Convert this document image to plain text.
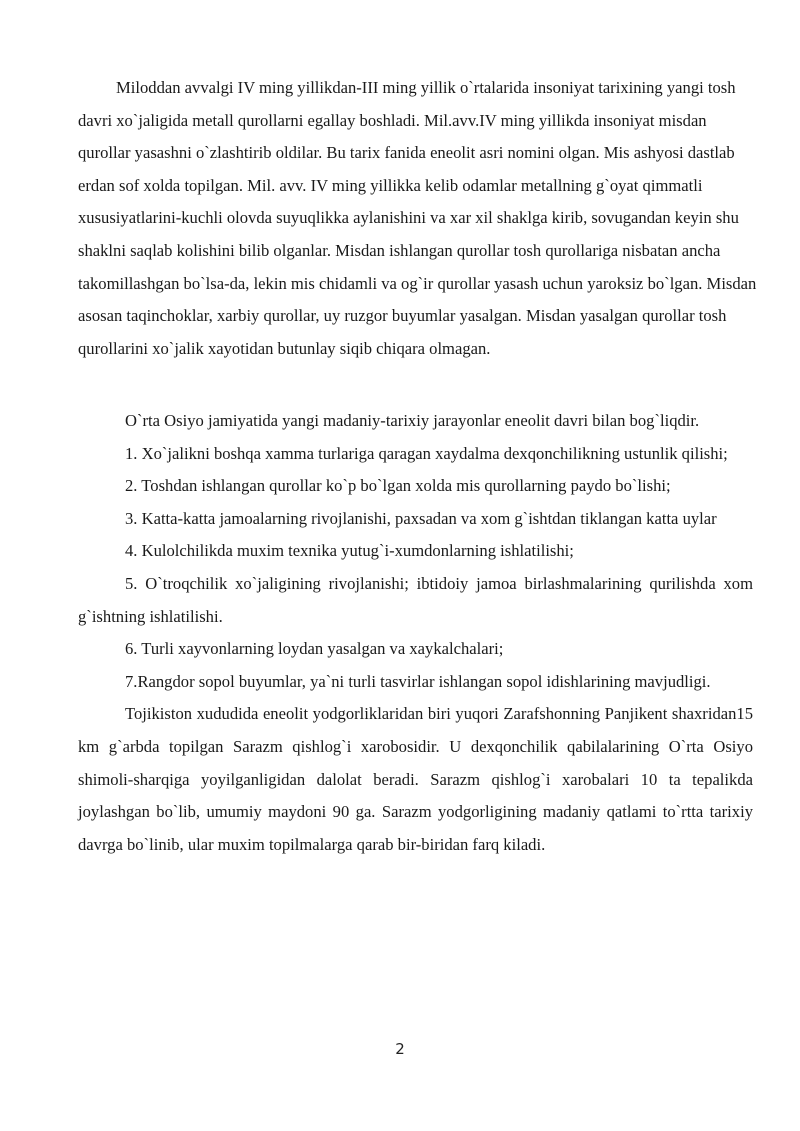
Miloddan avvalgi IV ming yillikdan-III ming yillik o`rtalarida insoniyat tarixining yangi tosh davri xo`jaligida metall qurollarni egallay boshladi. Mil.avv.IV ming yillikda insoniyat misdan qurollar yasashni o`zlashtirib oldilar. Bu tarix fanida eneolit asri nomini olgan. Mis ashyosi dastlab erdan sof xolda topilgan. Mil. avv. IV ming yillikka kelib odamlar metallning g`oyat qimmatli xususiyatlarini-kuchli olovda suyuqlikka aylanishini va xar xil shaklga kirib, sovugandan keyin shu shaklni saqlab kolishini bilib olganlar. Misdan ishlangan qurollar tosh qurollariga nisbatan ancha takomillashgan bo`lsa-da, lekin mis chidamli va og`ir qurollar yasash uchun yaroksiz bo`lgan. Misdan asosan taqinchoklar, xarbiy qurollar, uy ruzgor buyumlar yasalgan. Misdan yasalgan qurollar tosh qurollarini xo`jalik xayotidan butunlay siqib chiqara olmagan.

O`rta Osiyo jamiyatida yangi madaniy-tarixiy jarayonlar eneolit davri bilan bog`liqdir.

1. Xo`jalikni boshqa xamma turlariga qaragan xaydalma dexqonchilikning ustunlik qilishi;

2. Toshdan ishlangan qurollar ko`p bo`lgan xolda mis qurollarning paydo bo`lishi;

3. Katta-katta jamoalarning rivojlanishi, paxsadan va xom g`ishtdan tiklangan katta uylar

4. Kulolchilikda muxim texnika yutug`i-xumdonlarning ishlatilishi;

5. O`troqchilik xo`jaligining rivojlanishi; ibtidoiy jamoa birlashmalarining qurilishda xom g`ishtning ishlatilishi.

6. Turli xayvonlarning loydan yasalgan va xaykalchalari;

7.Rangdor sopol buyumlar, ya`ni turli tasvirlar ishlangan sopol idishlarining mavjudligi.

Tojikiston xududida eneolit yodgorliklaridan biri yuqori Zarafshonning Panjikent shaxridan15 km g`arbda topilgan Sarazm qishlog`i xarobosidir. U dexqonchilik qabilalarining O`rta Osiyo shimoli-sharqiga yoyilganligidan dalolat beradi. Sarazm qishlog`i xarobalari 10 ta tepalikda joylashgan bo`lib, umumiy maydoni 90 ga. Sarazm yodgorligining madaniy qatlami to`rtta tarixiy davrga bo`linib, ular muxim topilmalarga qarab bir-biridan farq kiladi.

2
